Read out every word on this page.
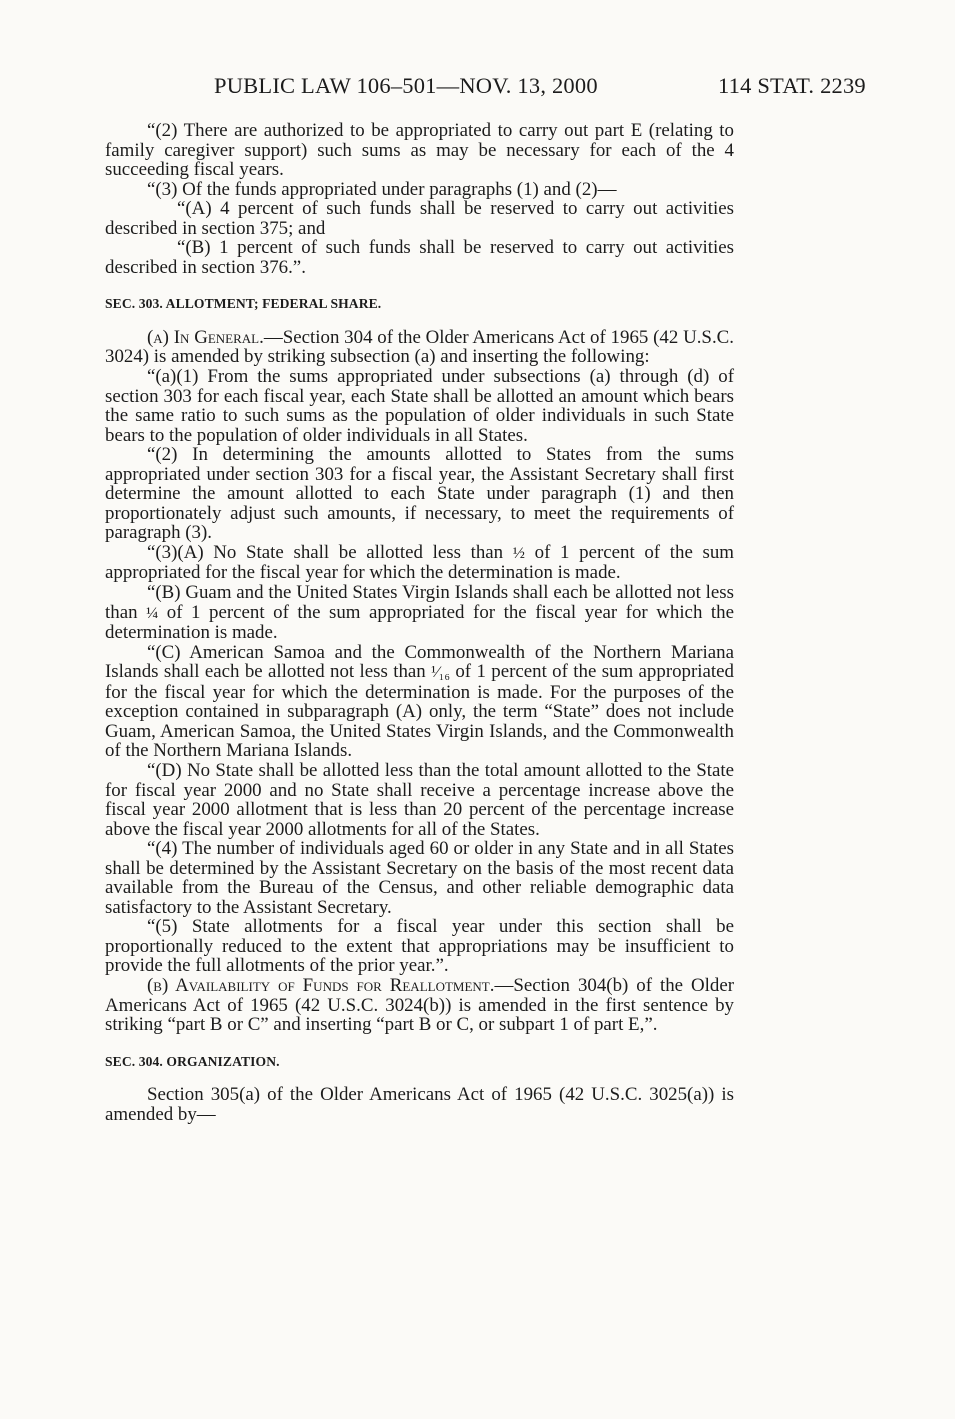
PUBLIC LAW 106–501—NOV. 13, 2000	114 STAT. 2239

“(2) There are authorized to be appropriated to carry out part E (relating to family caregiver support) such sums as may be necessary for each of the 4 succeeding fiscal years.

“(3) Of the funds appropriated under paragraphs (1) and (2)—

“(A) 4 percent of such funds shall be reserved to carry out activities described in section 375; and

“(B) 1 percent of such funds shall be reserved to carry out activities described in section 376.”.

SEC. 303. ALLOTMENT; FEDERAL SHARE.

(a) In General.—Section 304 of the Older Americans Act of 1965 (42 U.S.C. 3024) is amended by striking subsection (a) and inserting the following:

“(a)(1) From the sums appropriated under subsections (a) through (d) of section 303 for each fiscal year, each State shall be allotted an amount which bears the same ratio to such sums as the population of older individuals in such State bears to the population of older individuals in all States.

“(2) In determining the amounts allotted to States from the sums appropriated under section 303 for a fiscal year, the Assistant Secretary shall first determine the amount allotted to each State under paragraph (1) and then proportionately adjust such amounts, if necessary, to meet the requirements of paragraph (3).

“(3)(A) No State shall be allotted less than ½ of 1 percent of the sum appropriated for the fiscal year for which the determination is made.

“(B) Guam and the United States Virgin Islands shall each be allotted not less than ¼ of 1 percent of the sum appropriated for the fiscal year for which the determination is made.

“(C) American Samoa and the Commonwealth of the Northern Mariana Islands shall each be allotted not less than ¹⁄₁₆ of 1 percent of the sum appropriated for the fiscal year for which the determination is made. For the purposes of the exception contained in subparagraph (A) only, the term “State” does not include Guam, American Samoa, the United States Virgin Islands, and the Commonwealth of the Northern Mariana Islands.

“(D) No State shall be allotted less than the total amount allotted to the State for fiscal year 2000 and no State shall receive a percentage increase above the fiscal year 2000 allotment that is less than 20 percent of the percentage increase above the fiscal year 2000 allotments for all of the States.

“(4) The number of individuals aged 60 or older in any State and in all States shall be determined by the Assistant Secretary on the basis of the most recent data available from the Bureau of the Census, and other reliable demographic data satisfactory to the Assistant Secretary.

“(5) State allotments for a fiscal year under this section shall be proportionally reduced to the extent that appropriations may be insufficient to provide the full allotments of the prior year.”.

(b) Availability of Funds for Reallotment.—Section 304(b) of the Older Americans Act of 1965 (42 U.S.C. 3024(b)) is amended in the first sentence by striking “part B or C” and inserting “part B or C, or subpart 1 of part E,”.

SEC. 304. ORGANIZATION.

Section 305(a) of the Older Americans Act of 1965 (42 U.S.C. 3025(a)) is amended by—
